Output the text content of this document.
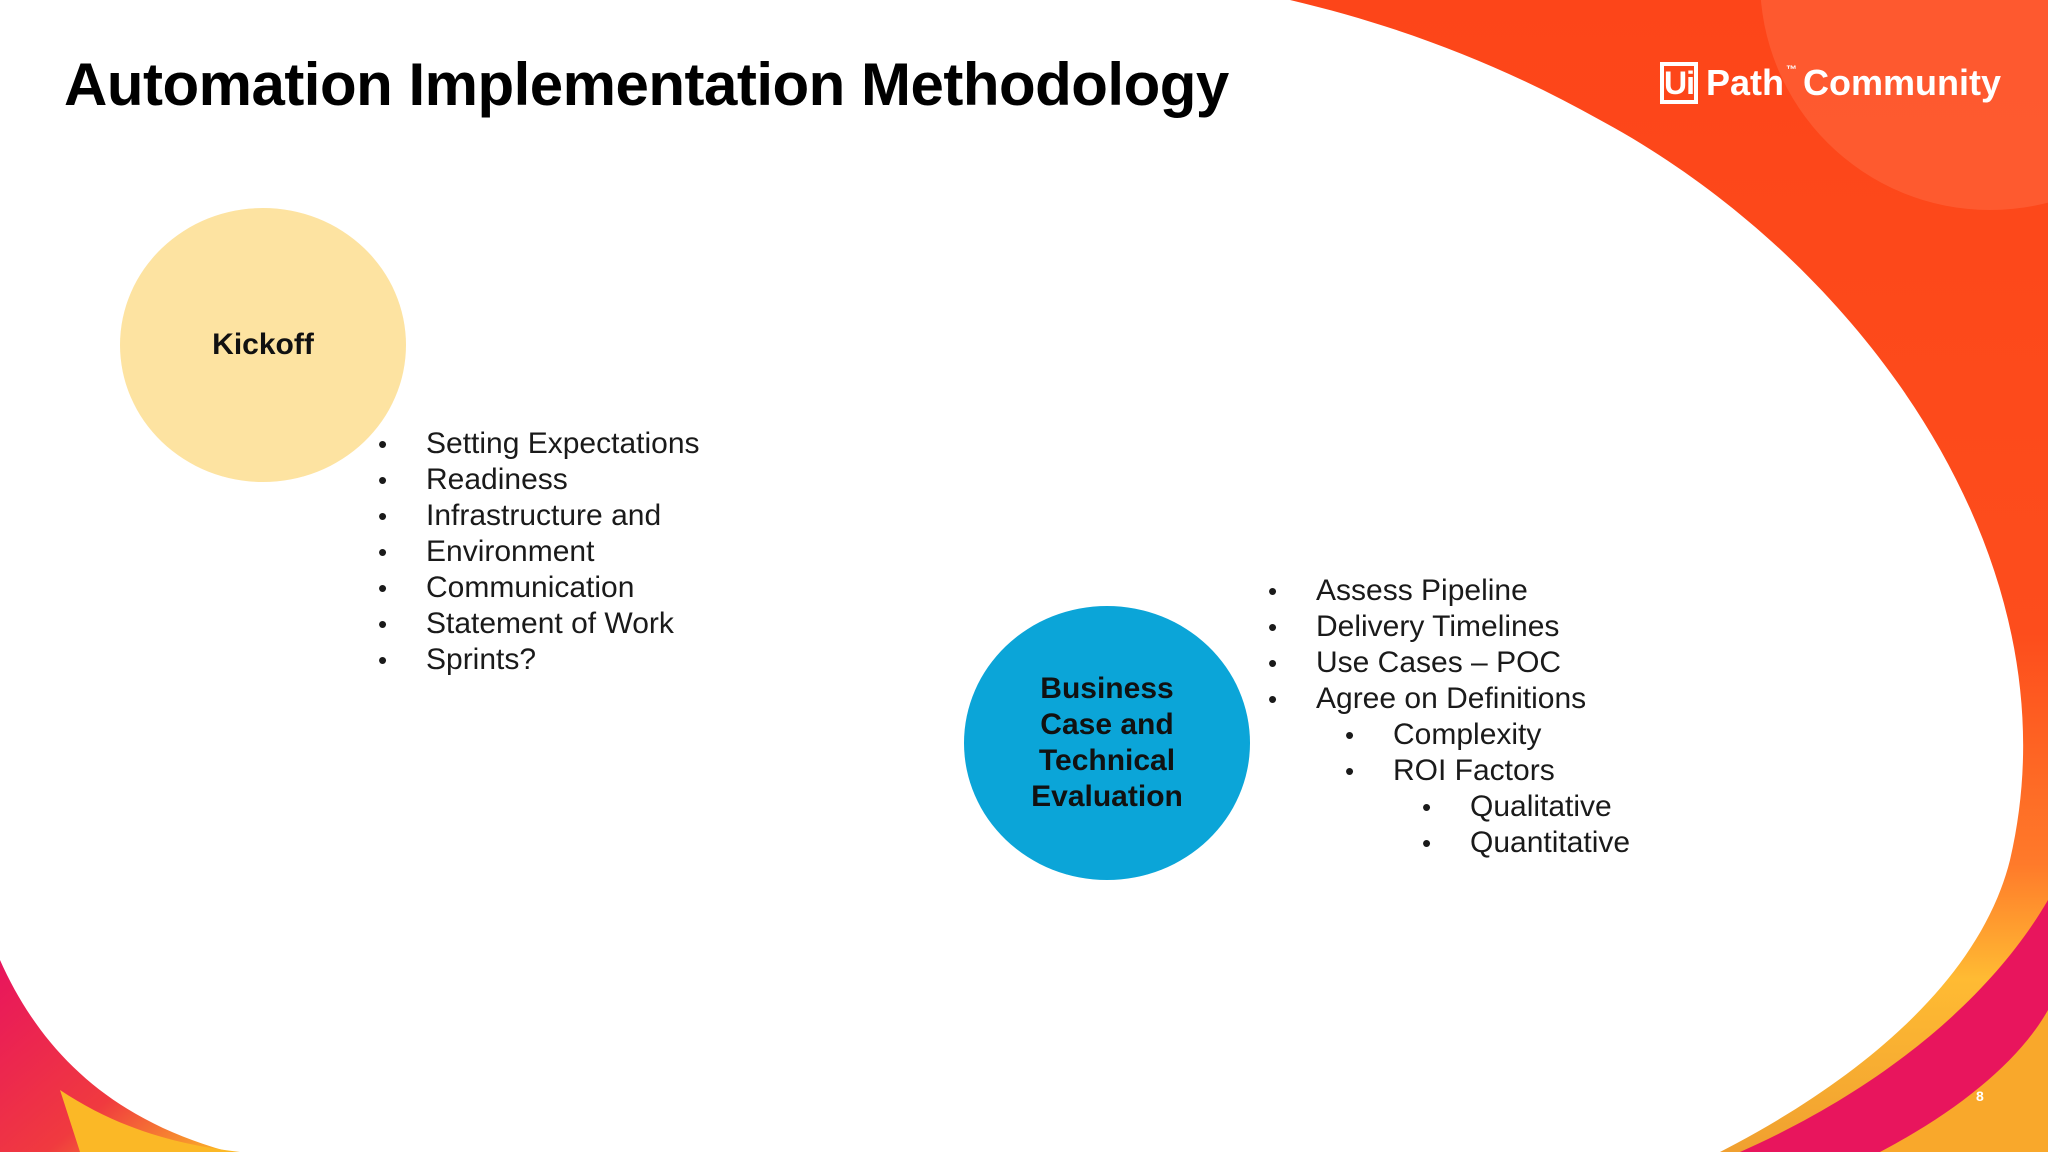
Automation Implementation Methodology	Ui Path ™ Community
Kickoff
• Setting Expectations
• Readiness
• Infrastructure and
• Environment
• Communication
• Statement of Work
• Sprints?
Business Case and Technical Evaluation
• Assess Pipeline
• Delivery Timelines
• Use Cases – POC
• Agree on Definitions
• Complexity
• ROI Factors
• Qualitative
• Quantitative
8
